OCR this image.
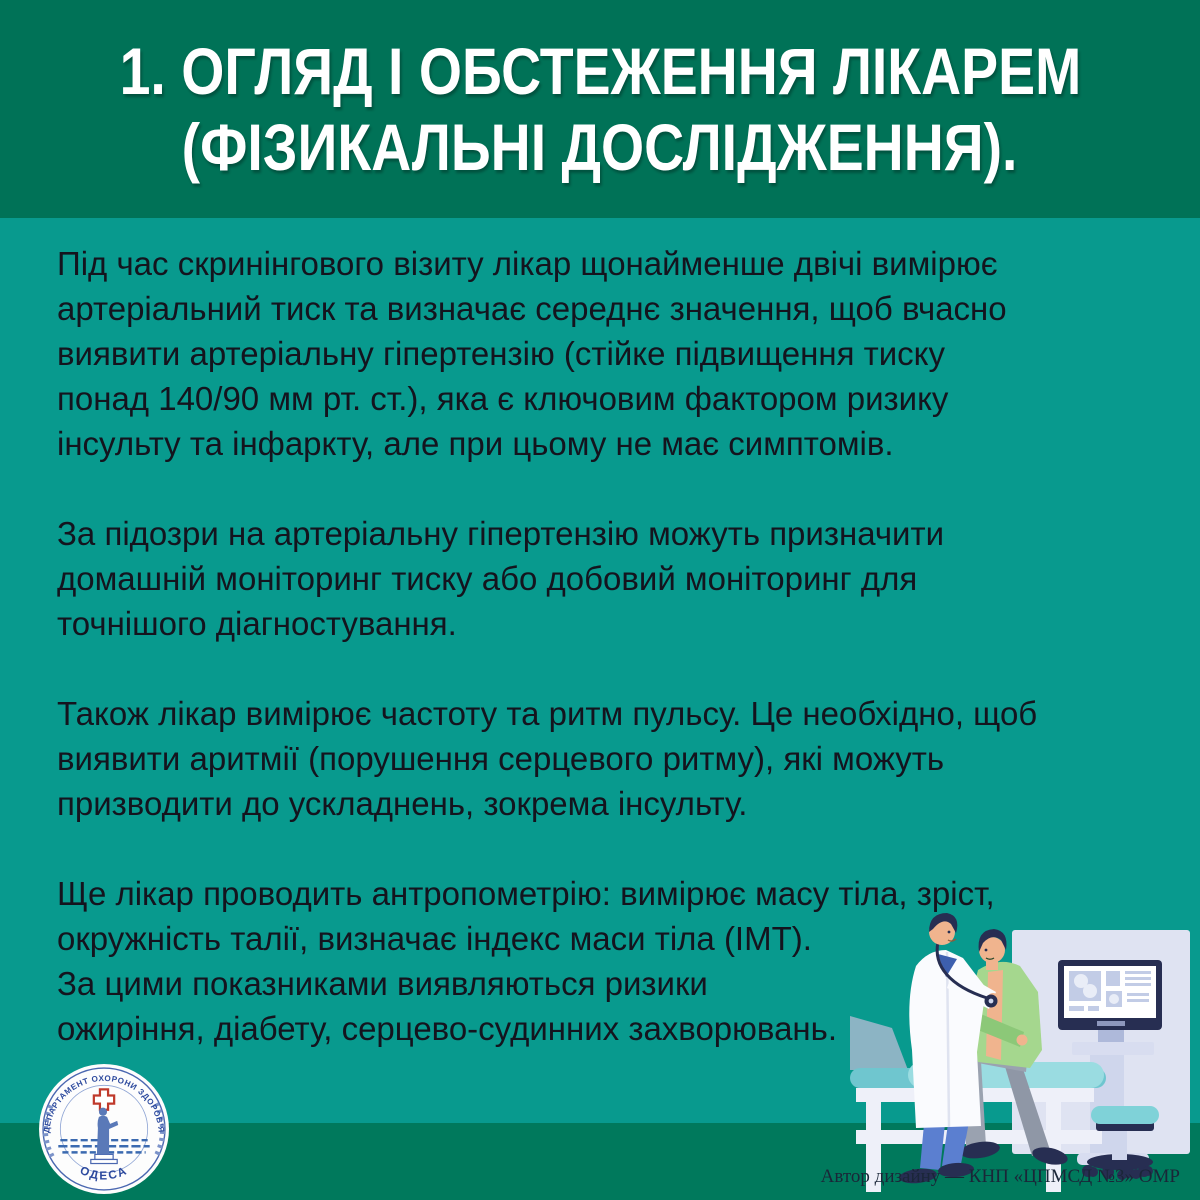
1. ОГЛЯД І ОБСТЕЖЕННЯ ЛІКАРЕМ
(ФІЗИКАЛЬНІ ДОСЛІДЖЕННЯ).

Під час скринінгового візиту лікар щонайменше двічі вимірює
артеріальний тиск та визначає середнє значення, щоб вчасно
виявити артеріальну гіпертензію (стійке підвищення тиску
понад 140/90 мм рт. ст.), яка є ключовим фактором ризику
інсульту та інфаркту, але при цьому не має симптомів.

За підозри на артеріальну гіпертензію можуть призначити
домашній моніторинг тиску або добовий моніторинг для
точнішого діагностування.

Також лікар вимірює частоту та ритм пульсу. Це необхідно, щоб
виявити аритмії (порушення серцевого ритму), які можуть
призводити до ускладнень, зокрема інсульту.

Ще лікар проводить антропометрію: вимірює масу тіла, зріст,
окружність талії, визначає індекс маси тіла (ІМТ).
За цими показниками виявляються ризики
ожиріння, діабету, серцево-судинних захворювань.

ДЕПАРТАМЕНТ ОХОРОНИ ЗДОРОВ'Я
ОДЕСА	Автор дизайну — КНП «ЦПМСД №3» ОМР
